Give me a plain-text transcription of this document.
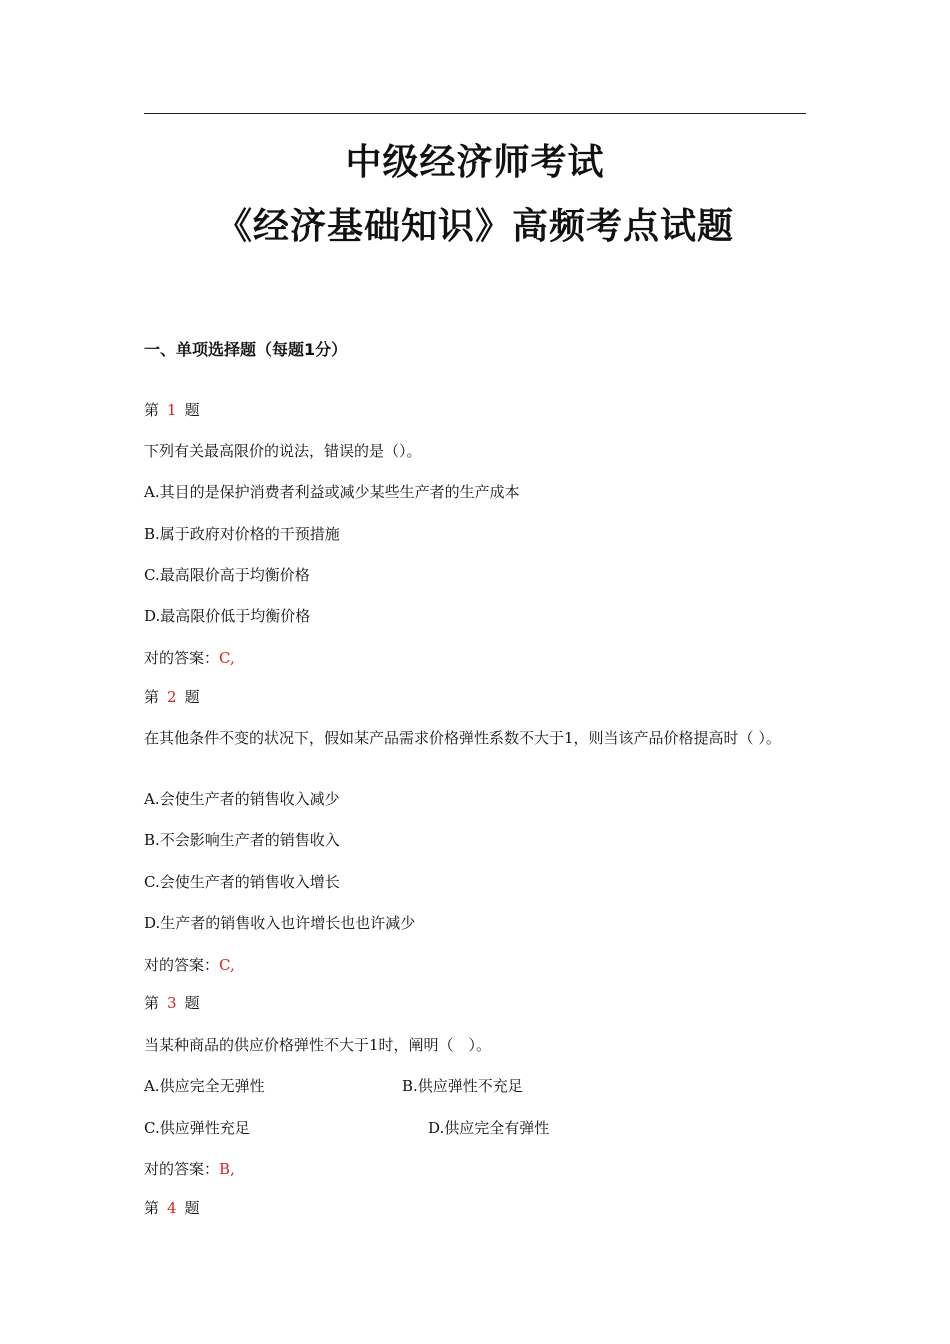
中级经济师考试
《经济基础知识》高频考点试题
一、单项选择题（每题1分）
第 1 题
下列有关最高限价的说法，错误的是（）。
A.其目的是保护消费者利益或减少某些生产者的生产成本
B.属于政府对价格的干预措施
C.最高限价高于均衡价格
D.最高限价低于均衡价格
对的答案：C,
第 2 题
在其他条件不变的状况下，假如某产品需求价格弹性系数不大于1，则当该产品价格提高时（ ）。
A.会使生产者的销售收入减少
B.不会影响生产者的销售收入
C.会使生产者的销售收入增长
D.生产者的销售收入也许增长也也许减少
对的答案：C,
第 3 题
当某种商品的供应价格弹性不大于1时，阐明（　）。
A.供应完全无弹性	B.供应弹性不充足
C.供应弹性充足	D.供应完全有弹性
对的答案：B,
第 4 题
